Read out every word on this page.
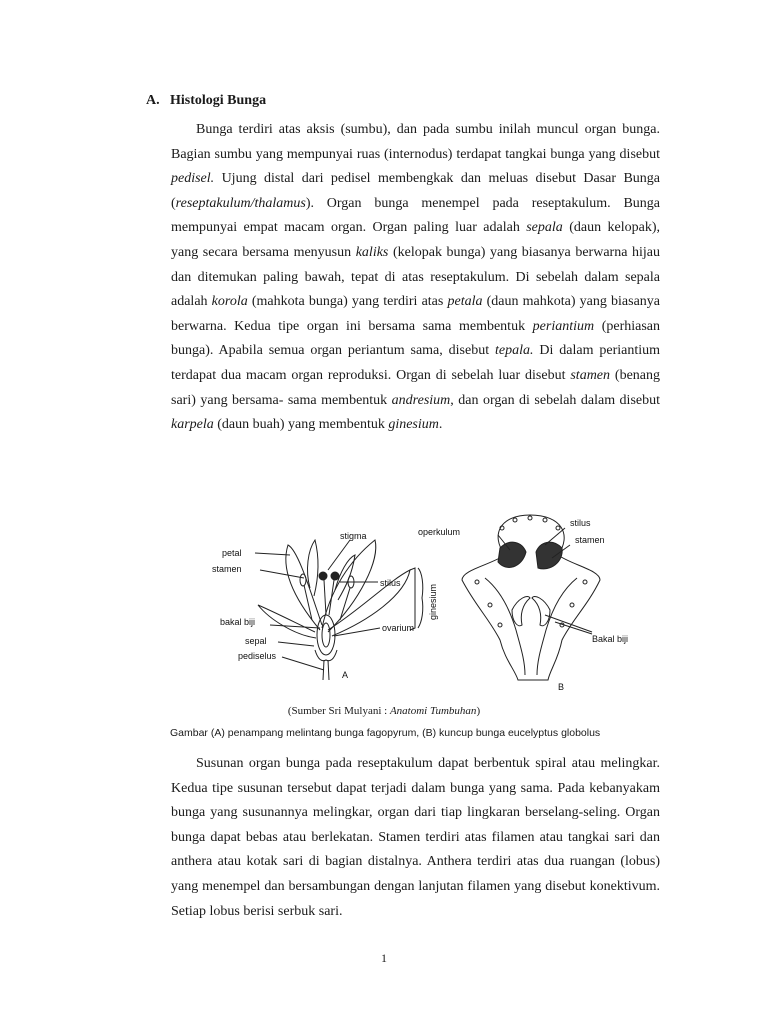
A. Histologi Bunga

Bunga terdiri atas aksis (sumbu), dan pada sumbu inilah muncul organ bunga. Bagian sumbu yang mempunyai ruas (internodus) terdapat tangkai bunga yang disebut pedisel. Ujung distal dari pedisel membengkak dan meluas disebut Dasar Bunga (reseptakulum/thalamus). Organ bunga menempel pada reseptakulum. Bunga mempunyai empat macam organ. Organ paling luar adalah sepala (daun kelopak), yang secara bersama menyusun kaliks (kelopak bunga) yang biasanya berwarna hijau dan ditemukan paling bawah, tepat di atas reseptakulum. Di sebelah dalam sepala adalah korola (mahkota bunga) yang terdiri atas petala (daun mahkota) yang biasanya berwarna. Kedua tipe organ ini bersama sama membentuk periantium (perhiasan bunga). Apabila semua organ periantum sama, disebut tepala. Di dalam periantium terdapat dua macam organ reproduksi. Organ di sebelah luar disebut stamen (benang sari) yang bersama- sama membentuk andresium, dan organ di sebelah dalam disebut karpela (daun buah) yang membentuk ginesium.

petal
stamen
stigma
stilus
bakal biji
ovarium
sepal
pediselus
ginesium
A
operkulum
stilus
stamen
Bakal biji
B

(Sumber Sri Mulyani : Anatomi Tumbuhan)

Gambar (A) penampang melintang bunga fagopyrum, (B) kuncup bunga eucelyptus globolus

Susunan organ bunga pada reseptakulum dapat berbentuk spiral atau melingkar. Kedua tipe susunan tersebut dapat terjadi dalam bunga yang sama. Pada kebanyakam bunga yang susunannya melingkar, organ dari tiap lingkaran berselang-seling. Organ bunga dapat bebas atau berlekatan. Stamen terdiri atas filamen atau tangkai sari dan anthera atau kotak sari di bagian distalnya. Anthera terdiri atas dua ruangan (lobus) yang menempel dan bersambungan dengan lanjutan filamen yang disebut konektivum. Setiap lobus berisi serbuk sari.

1
